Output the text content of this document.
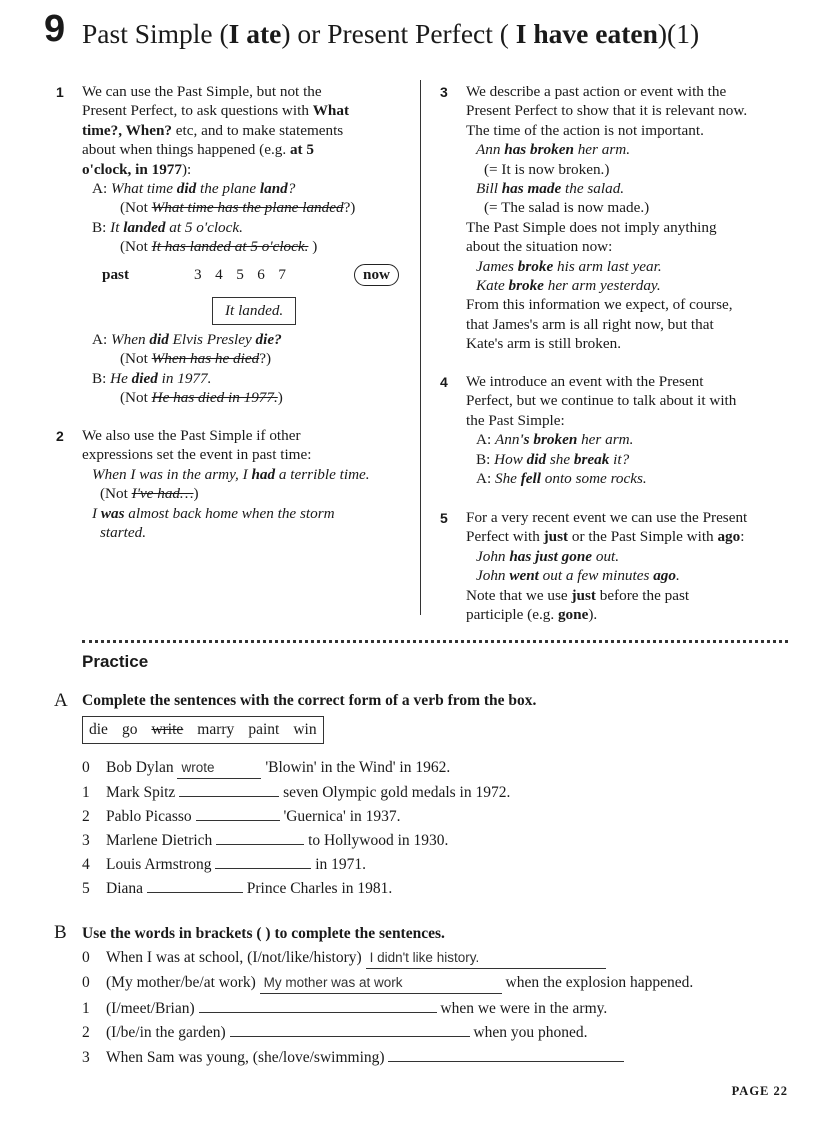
9 Past Simple (I ate) or Present Perfect ( I have eaten)(1)
1 We can use the Past Simple, but not the

Present Perfect, to ask questions with What

time?, When? etc, and to make statements

about when things happened (e.g. at 5

o'clock, in 1977):

A: What time did the plane land?

(Not What time has the plane landed?)

B: It landed at 5 o'clock.

(Not It has landed at 5 o'clock. )

past	3 4 5 6 7	now
It landed.

A: When did Elvis Presley die?

(Not When has he died?)

B: He died in 1977.

(Not He has died in 1977.)

2 We also use the Past Simple if other

expressions set the event in past time:

When I was in the army, I had a terrible time.

(Not I've had…)

I was almost back home when the storm

started.

3 We describe a past action or event with the

Present Perfect to show that it is relevant now.

The time of the action is not important.

Ann has broken her arm.

(= It is now broken.)

Bill has made the salad.

(= The salad is now made.)

The Past Simple does not imply anything

about the situation now:

James broke his arm last year.

Kate broke her arm yesterday.

From this information we expect, of course,

that James's arm is all right now, but that

Kate's arm is still broken.

4 We introduce an event with the Present

Perfect, but we continue to talk about it with

the Past Simple:

A: Ann's broken her arm.

B: How did she break it?

A: She fell onto some rocks.

5 For a very recent event we can use the Present

Perfect with just or the Past Simple with ago:

John has just gone out.

John went out a few minutes ago.

Note that we use just before the past

participle (e.g. gone).

Practice
A Complete the sentences with the correct form of a verb from the box.
die go write marry paint win
0 Bob Dylan wrote	'Blowin' in the Wind' in 1962.
1 Mark Spitz	seven Olympic gold medals in 1972.
2 Pablo Picasso	'Guernica' in 1937.
3 Marlene Dietrich	to Hollywood in 1930.
4 Louis Armstrong	in 1971.
5 Diana	Prince Charles in 1981.
B Use the words in brackets ( ) to complete the sentences.
0 When I was at school, (I/not/like/history) I didn't like history.
0 (My mother/be/at work) My mother was at work	when the explosion happened.
1 (I/meet/Brian)	when we were in the army.
2 (I/be/in the garden)	when you phoned.
3 When Sam was young, (she/love/swimming)
PAGE 22
